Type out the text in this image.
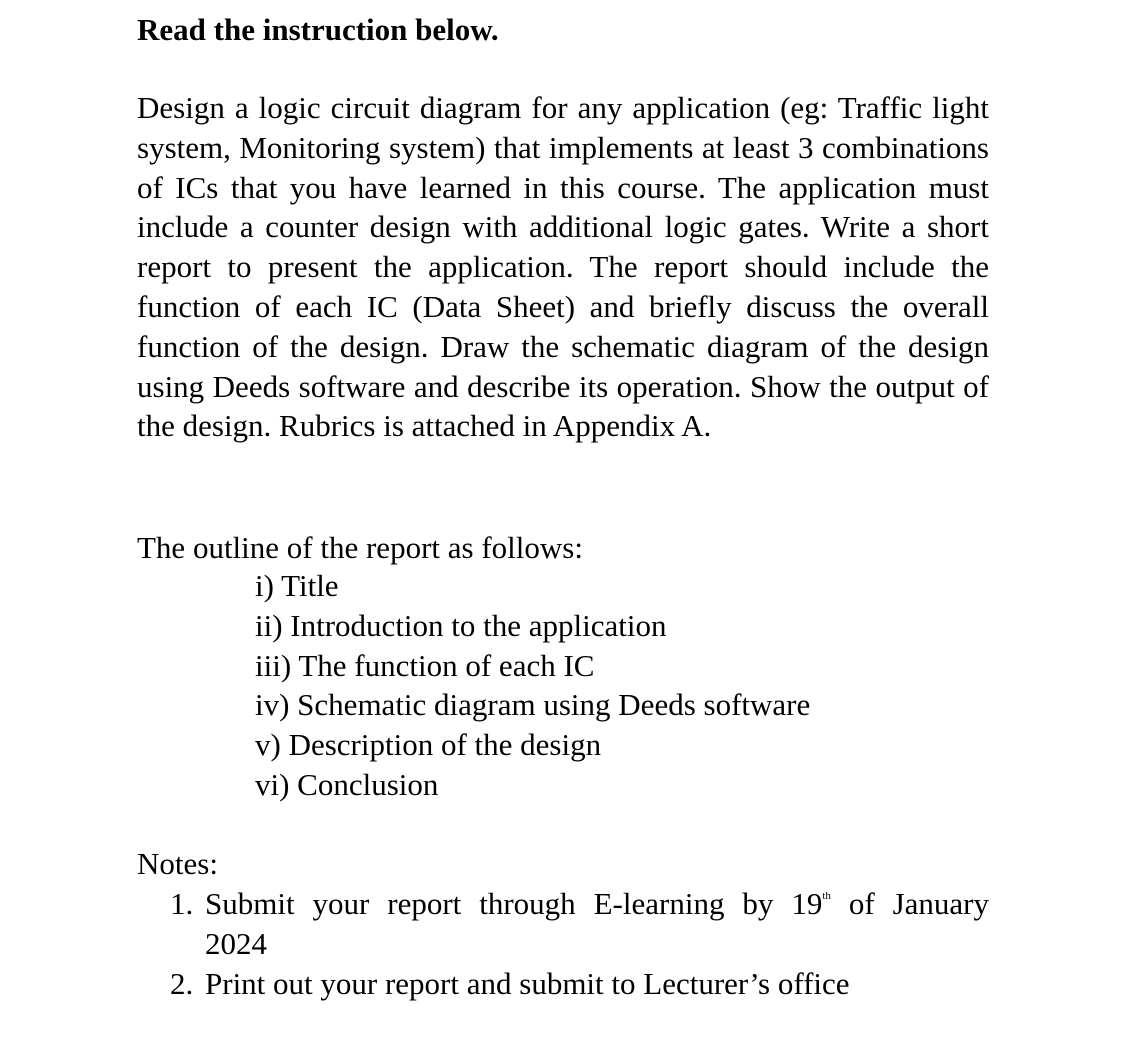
Read the instruction below.

Design a logic circuit diagram for any application (eg: Traffic light system, Monitoring system) that implements at least 3 combinations of ICs that you have learned in this course. The application must include a counter design with additional logic gates. Write a short report to present the application. The report should include the function of each IC (Data Sheet) and briefly discuss the overall function of the design. Draw the schematic diagram of the design using Deeds software and describe its operation. Show the output of the design. Rubrics is attached in Appendix A.

The outline of the report as follows:
i) Title
ii) Introduction to the application
iii) The function of each IC
iv) Schematic diagram using Deeds software
v) Description of the design
vi) Conclusion
Notes:
1. Submit your report through E-learning by 19th of January
2024
2. Print out your report and submit to Lecturer’s office
